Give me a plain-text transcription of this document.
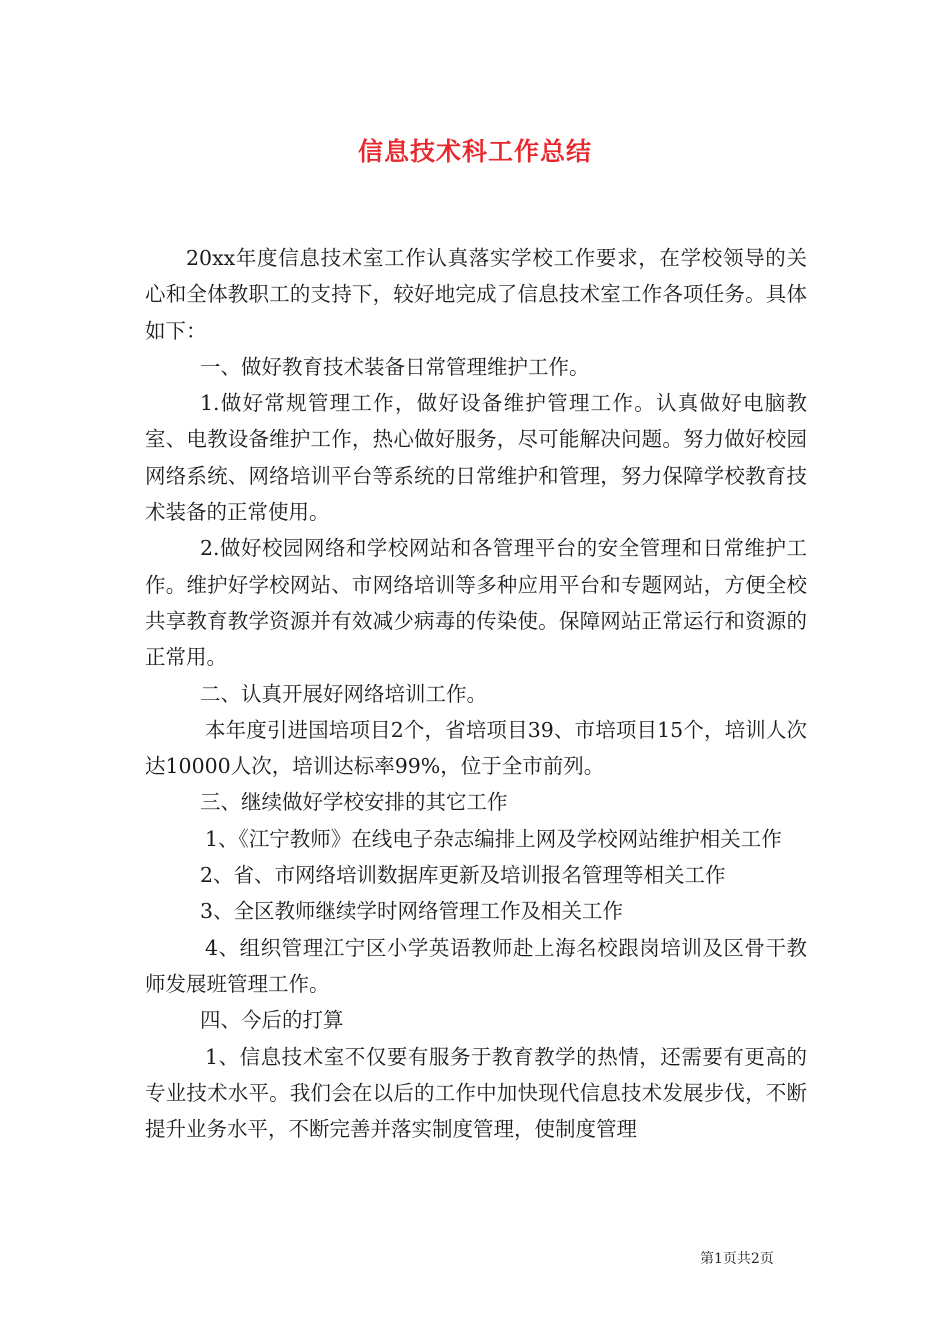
信息技术科工作总结

20xx年度信息技术室工作认真落实学校工作要求，在学校领导的关心和全体教职工的支持下，较好地完成了信息技术室工作各项任务。具体如下：

一、做好教育技术装备日常管理维护工作。

1.做好常规管理工作，做好设备维护管理工作。认真做好电脑教室、电教设备维护工作，热心做好服务，尽可能解决问题。努力做好校园网络系统、网络培训平台等系统的日常维护和管理，努力保障学校教育技术装备的正常使用。

2.做好校园网络和学校网站和各管理平台的安全管理和日常维护工作。维护好学校网站、市网络培训等多种应用平台和专题网站，方便全校共享教育教学资源并有效减少病毒的传染使。保障网站正常运行和资源的正常用。

二、认真开展好网络培训工作。

本年度引进国培项目2个，省培项目39、市培项目15个，培训人次达10000人次，培训达标率99%，位于全市前列。

三、继续做好学校安排的其它工作

1、《江宁教师》在线电子杂志编排上网及学校网站维护相关工作

2、省、市网络培训数据库更新及培训报名管理等相关工作

3、全区教师继续学时网络管理工作及相关工作

4、组织管理江宁区小学英语教师赴上海名校跟岗培训及区骨干教师发展班管理工作。

四、今后的打算

1、信息技术室不仅要有服务于教育教学的热情，还需要有更高的专业技术水平。我们会在以后的工作中加快现代信息技术发展步伐，不断提升业务水平，不断完善并落实制度管理，使制度管理

第1页共2页
